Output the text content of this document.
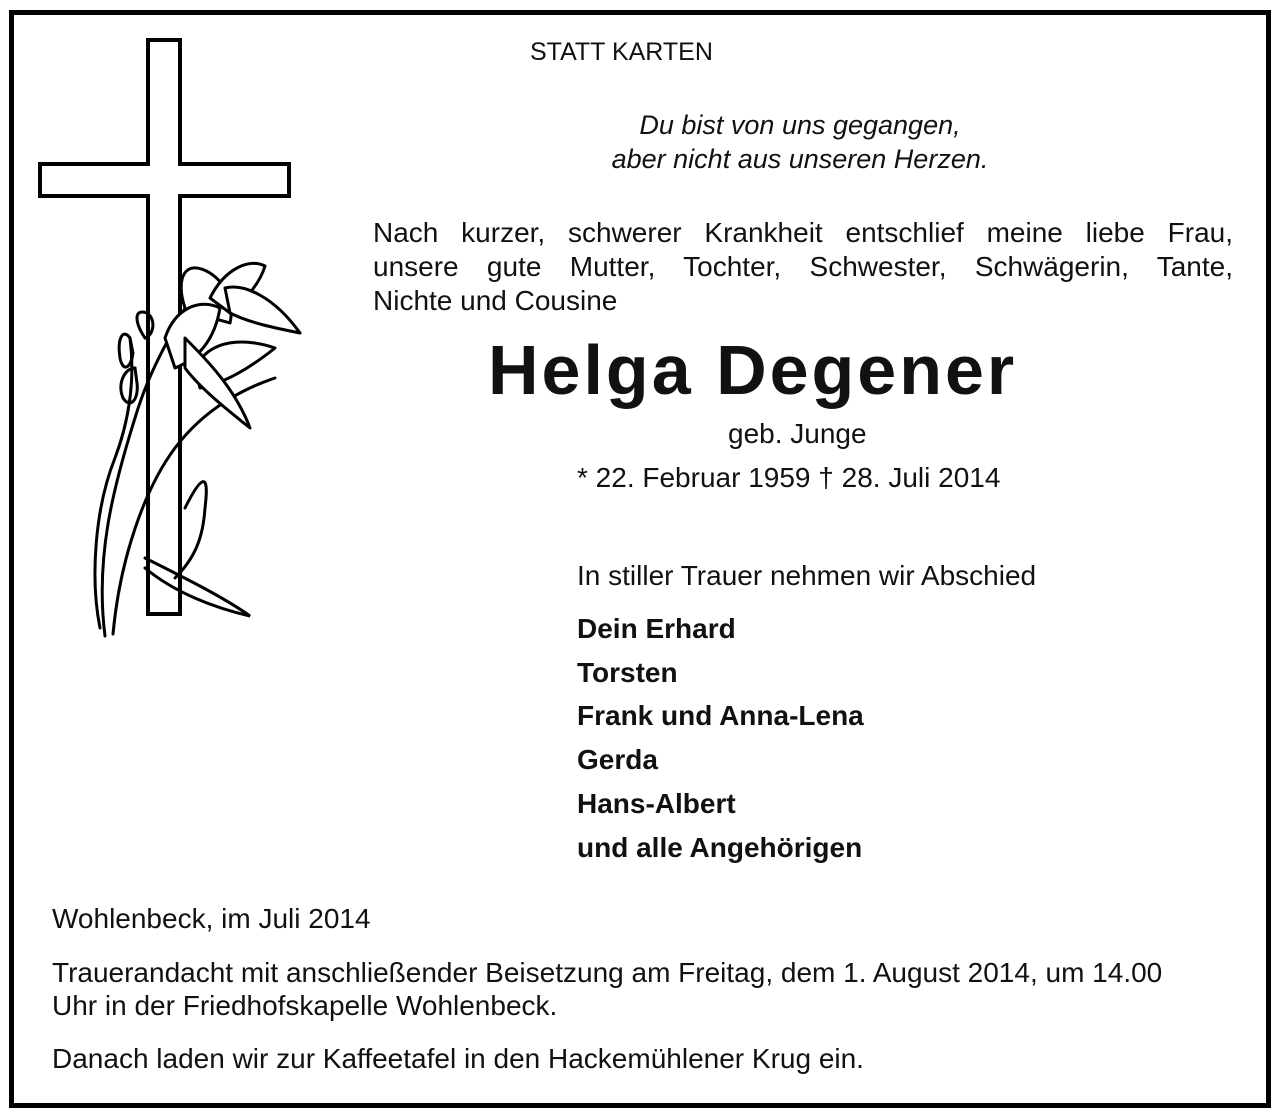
STATT KARTEN
Du bist von uns gegangen,
aber nicht aus unseren Herzen.
Nach kurzer, schwerer Krankheit entschlief meine liebe Frau,
unsere gute Mutter, Tochter, Schwester, Schwägerin, Tante,
Nichte und Cousine
Helga Degener
geb. Junge
* 22. Februar 1959 † 28. Juli 2014
In stiller Trauer nehmen wir Abschied
Dein Erhard
Torsten
Frank und Anna-Lena
Gerda
Hans-Albert
und alle Angehörigen
Wohlenbeck, im Juli 2014
Trauerandacht mit anschließender Beisetzung am Freitag, dem 1. August 2014, um 14.00
Uhr in der Friedhofskapelle Wohlenbeck.
Danach laden wir zur Kaffeetafel in den Hackemühlener Krug ein.
